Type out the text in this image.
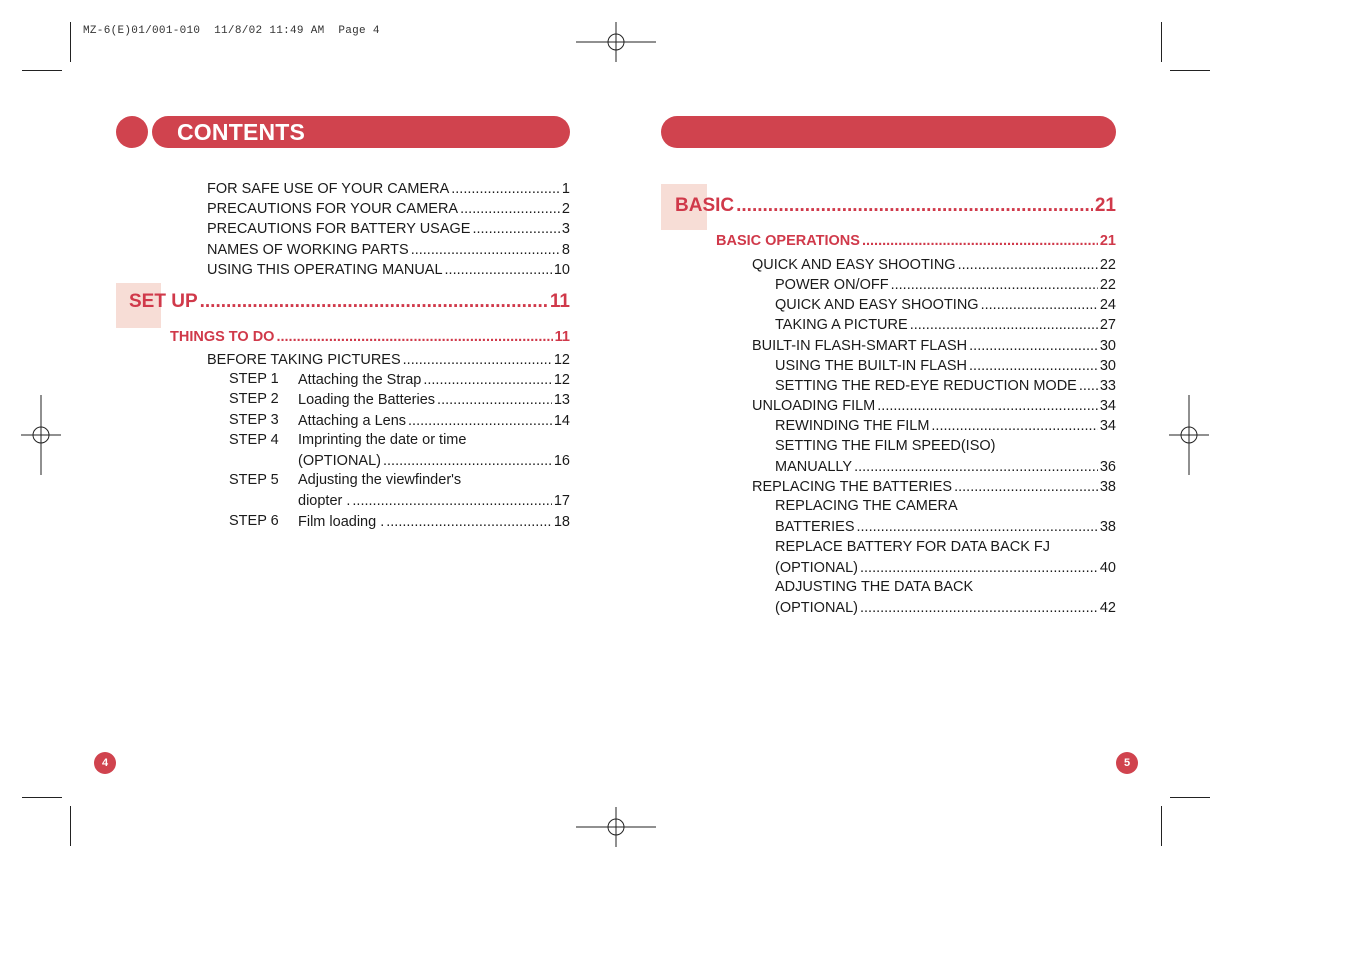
MZ-6(E)01/001-010  11/8/02 11:49 AM  Page 4
CONTENTS
FOR SAFE USE OF YOUR CAMERA .....	1
PRECAUTIONS FOR YOUR CAMERA .....	2
PRECAUTIONS FOR BATTERY USAGE .....	3
NAMES OF WORKING PARTS .....	8
USING THIS OPERATING MANUAL .....	10
SET UP .....	11
THINGS TO DO .....	11
BEFORE TAKING PICTURES .....	12
STEP 1 Attaching the Strap .....	12
STEP 2 Loading the Batteries .....	13
STEP 3 Attaching a Lens .....	14
STEP 4 Imprinting the date or time
(OPTIONAL) .....	16
STEP 5 Adjusting the viewfinder's
diopter . .....	17
STEP 6 Film loading . .....	18
4
BASIC .....	21
BASIC OPERATIONS .....	21
QUICK AND EASY SHOOTING .....	22
POWER ON/OFF .....	22
QUICK AND EASY SHOOTING .....	24
TAKING A PICTURE .....	27
BUILT-IN FLASH-SMART FLASH .....	30
USING THE BUILT-IN FLASH .....	30
SETTING THE RED-EYE REDUCTION MODE ..... 33
UNLOADING FILM .....	34
REWINDING THE FILM .....	34
SETTING THE FILM SPEED(ISO)
MANUALLY .....	36
REPLACING THE BATTERIES .....	38
REPLACING THE CAMERA
BATTERIES .....	38
REPLACE BATTERY FOR DATA BACK FJ
(OPTIONAL) .....	40
ADJUSTING THE DATA BACK
(OPTIONAL) .....	42
5
